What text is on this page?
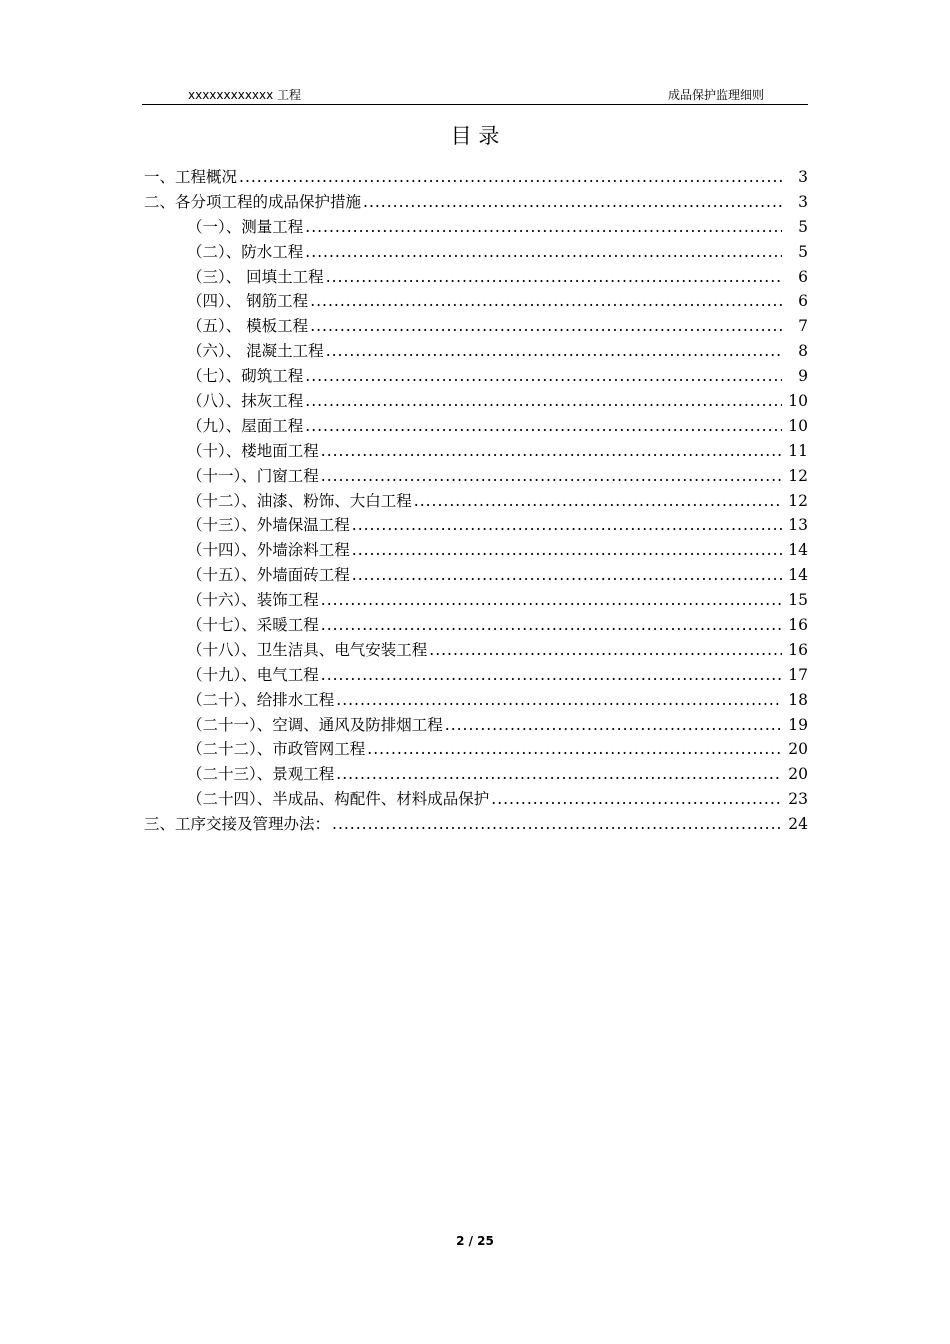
xxxxxxxxxxxx 工程	成品保护监理细则
目 录
一、工程概况 .....	3
二、各分项工程的成品保护措施 .....	3
（一）、测量工程 .....	5
（二）、防水工程 .....	5
（三）、 回填土工程 .....	6
（四）、 钢筋工程 .....	6
（五）、 模板工程 .....	7
（六）、 混凝土工程 .....	8
（七）、砌筑工程 .....	9
（八）、抹灰工程 .....	10
（九）、屋面工程 .....	10
（十）、楼地面工程 .....	11
（十一）、门窗工程 .....	12
（十二）、油漆、粉饰、大白工程 .....	12
（十三）、外墙保温工程 .....	13
（十四）、外墙涂料工程 .....	14
（十五）、外墙面砖工程 .....	14
（十六）、装饰工程 .....	15
（十七）、采暖工程 .....	16
（十八）、卫生洁具、电气安装工程 .....	16
（十九）、电气工程 .....	17
（二十）、给排水工程 .....	18
（二十一）、空调、通风及防排烟工程 .....	19
（二十二）、市政管网工程 .....	20
（二十三）、景观工程 .....	20
（二十四）、半成品、构配件、材料成品保护 .....	23
三、工序交接及管理办法： .....	24
2 / 25
